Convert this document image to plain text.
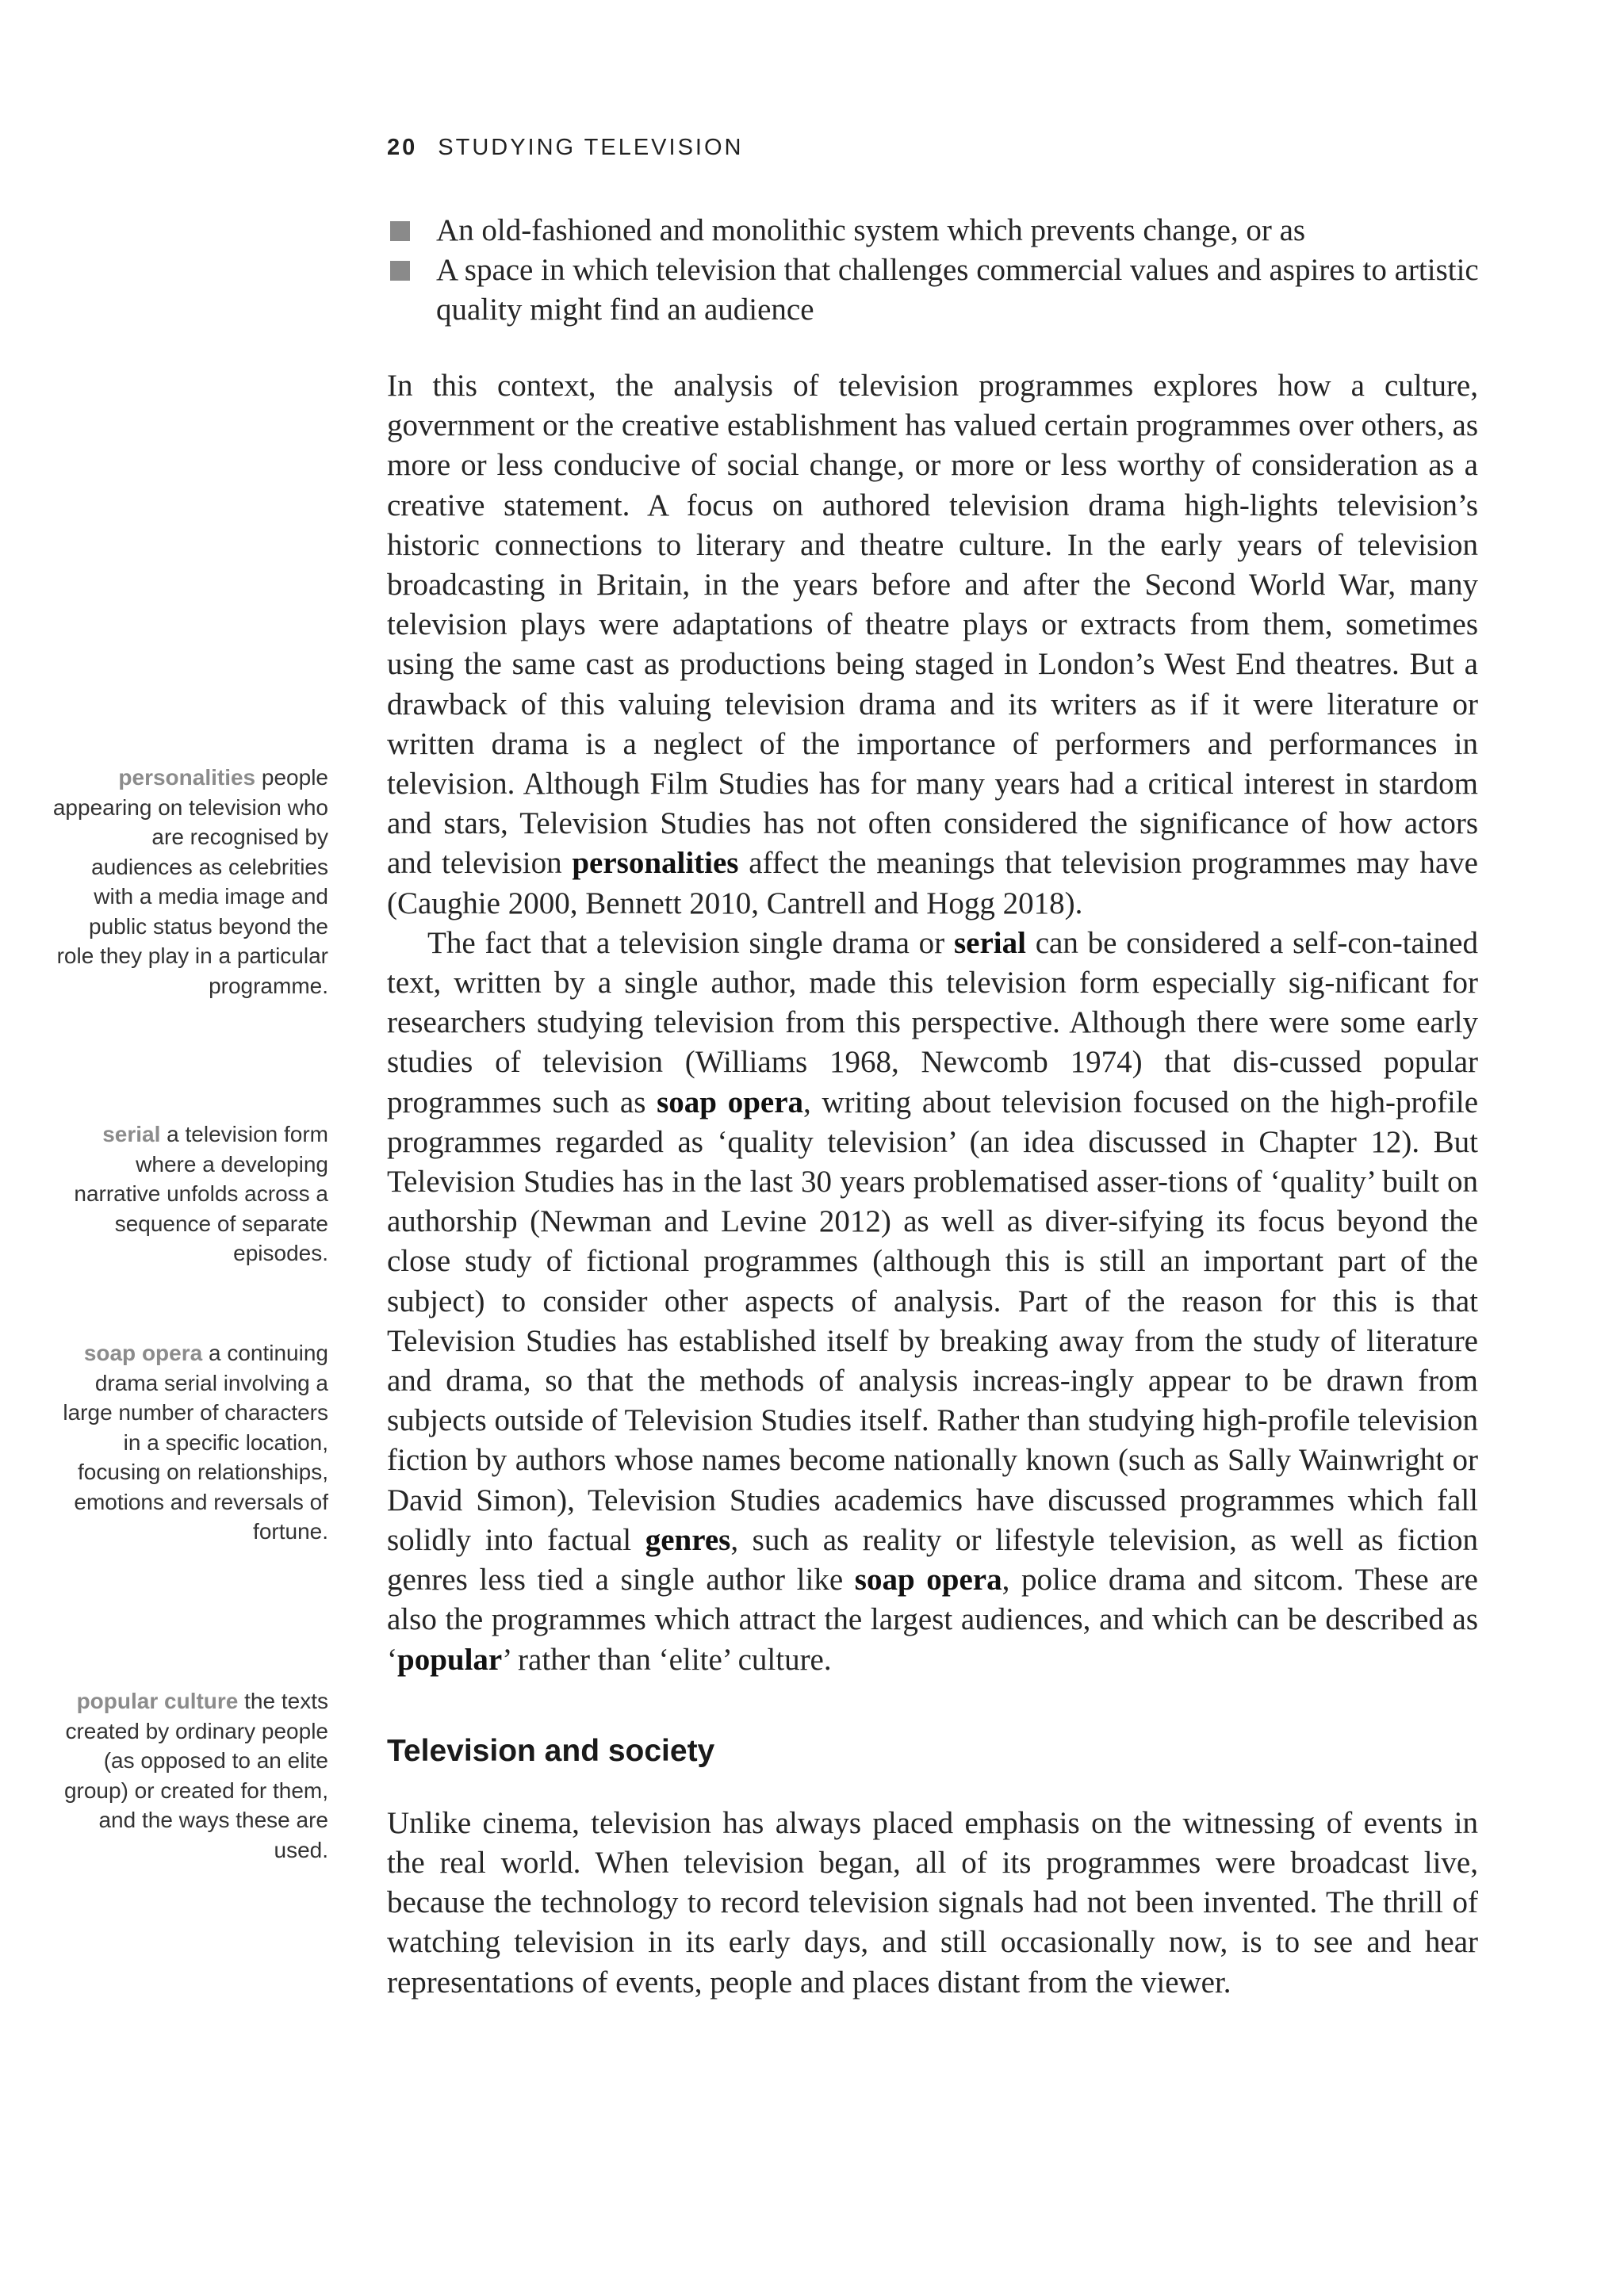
20 STUDYING TELEVISION
An old-fashioned and monolithic system which prevents change, or as
A space in which television that challenges commercial values and aspires to artistic quality might find an audience

In this context, the analysis of television programmes explores how a culture, government or the creative establishment has valued certain programmes over others, as more or less conducive of social change, or more or less worthy of consideration as a creative statement. A focus on authored television drama high-lights television’s historic connections to literary and theatre culture. In the early years of television broadcasting in Britain, in the years before and after the Second World War, many television plays were adaptations of theatre plays or extracts from them, sometimes using the same cast as productions being staged in London’s West End theatres. But a drawback of this valuing television drama and its writers as if it were literature or written drama is a neglect of the importance of performers and performances in television. Although Film Studies has for many years had a critical interest in stardom and stars, Television Studies has not often considered the significance of how actors and television personalities affect the meanings that television programmes may have (Caughie 2000, Bennett 2010, Cantrell and Hogg 2018).

The fact that a television single drama or serial can be considered a self-con-tained text, written by a single author, made this television form especially sig-nificant for researchers studying television from this perspective. Although there were some early studies of television (Williams 1968, Newcomb 1974) that dis-cussed popular programmes such as soap opera, writing about television focused on the high-profile programmes regarded as ‘quality television’ (an idea discussed in Chapter 12). But Television Studies has in the last 30 years problematised asser-tions of ‘quality’ built on authorship (Newman and Levine 2012) as well as diver-sifying its focus beyond the close study of fictional programmes (although this is still an important part of the subject) to consider other aspects of analysis. Part of the reason for this is that Television Studies has established itself by breaking away from the study of literature and drama, so that the methods of analysis increas-ingly appear to be drawn from subjects outside of Television Studies itself. Rather than studying high-profile television fiction by authors whose names become nationally known (such as Sally Wainwright or David Simon), Television Studies academics have discussed programmes which fall solidly into factual genres, such as reality or lifestyle television, as well as fiction genres less tied a single author like soap opera, police drama and sitcom. These are also the programmes which attract the largest audiences, and which can be described as ‘popular’ rather than ‘elite’ culture.

Television and society

Unlike cinema, television has always placed emphasis on the witnessing of events in the real world. When television began, all of its programmes were broadcast live, because the technology to record television signals had not been invented. The thrill of watching television in its early days, and still occasionally now, is to see and hear representations of events, people and places distant from the viewer.

personalities people appearing on television who are recognised by audiences as celebrities with a media image and public status beyond the role they play in a particular programme.
serial a television form where a developing narrative unfolds across a sequence of separate episodes.
soap opera a continuing drama serial involving a large number of characters in a specific location, focusing on relationships, emotions and reversals of fortune.
popular culture the texts created by ordinary people (as opposed to an elite group) or created for them, and the ways these are used.
